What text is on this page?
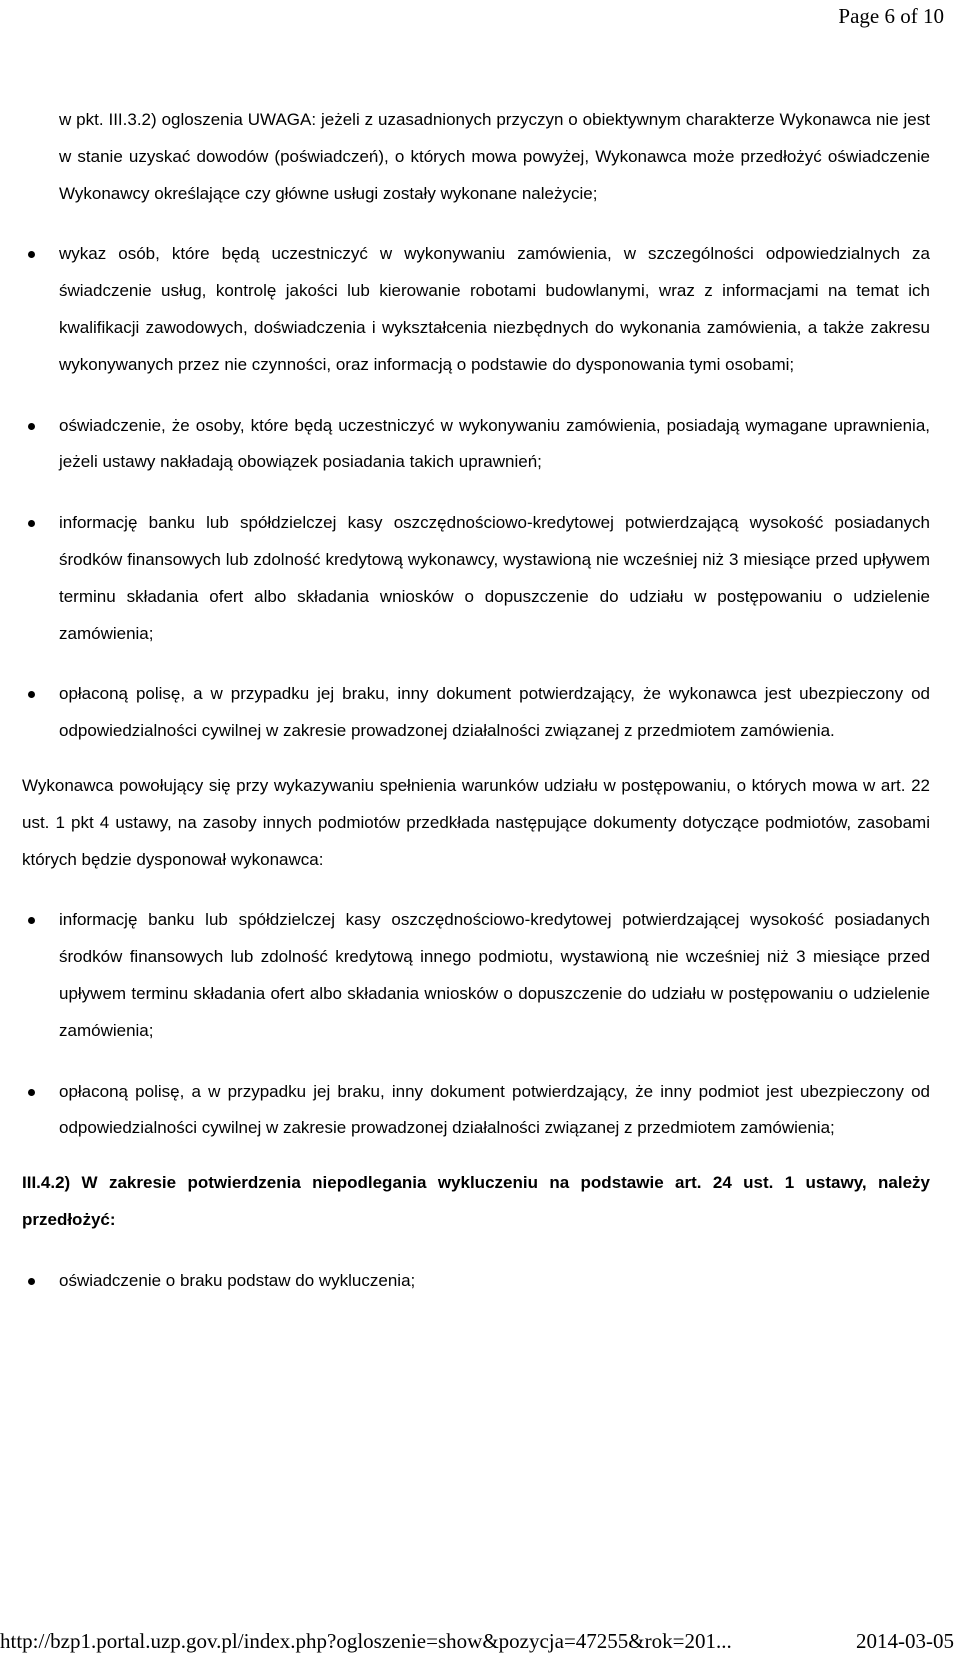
Page 6 of 10

w pkt. III.3.2) ogloszenia UWAGA: jeżeli z uzasadnionych przyczyn o obiektywnym charakterze Wykonawca nie jest w stanie uzyskać dowodów (poświadczeń), o których mowa powyżej, Wykonawca może przedłożyć oświadczenie Wykonawcy określające czy główne usługi zostały wykonane należycie;

wykaz osób, które będą uczestniczyć w wykonywaniu zamówienia, w szczególności odpowiedzialnych za świadczenie usług, kontrolę jakości lub kierowanie robotami budowlanymi, wraz z informacjami na temat ich kwalifikacji zawodowych, doświadczenia i wykształcenia niezbędnych do wykonania zamówienia, a także zakresu wykonywanych przez nie czynności, oraz informacją o podstawie do dysponowania tymi osobami;
oświadczenie, że osoby, które będą uczestniczyć w wykonywaniu zamówienia, posiadają wymagane uprawnienia, jeżeli ustawy nakładają obowiązek posiadania takich uprawnień;
informację banku lub spółdzielczej kasy oszczędnościowo-kredytowej potwierdzającą wysokość posiadanych środków finansowych lub zdolność kredytową wykonawcy, wystawioną nie wcześniej niż 3 miesiące przed upływem terminu składania ofert albo składania wniosków o dopuszczenie do udziału w postępowaniu o udzielenie zamówienia;
opłaconą polisę, a w przypadku jej braku, inny dokument potwierdzający, że wykonawca jest ubezpieczony od odpowiedzialności cywilnej w zakresie prowadzonej działalności związanej z przedmiotem zamówienia.

Wykonawca powołujący się przy wykazywaniu spełnienia warunków udziału w postępowaniu, o których mowa w art. 22 ust. 1 pkt 4 ustawy, na zasoby innych podmiotów przedkłada następujące dokumenty dotyczące podmiotów, zasobami których będzie dysponował wykonawca:

informację banku lub spółdzielczej kasy oszczędnościowo-kredytowej potwierdzającej wysokość posiadanych środków finansowych lub zdolność kredytową innego podmiotu, wystawioną nie wcześniej niż 3 miesiące przed upływem terminu składania ofert albo składania wniosków o dopuszczenie do udziału w postępowaniu o udzielenie zamówienia;
opłaconą polisę, a w przypadku jej braku, inny dokument potwierdzający, że inny podmiot jest ubezpieczony od odpowiedzialności cywilnej w zakresie prowadzonej działalności związanej z przedmiotem zamówienia;

III.4.2) W zakresie potwierdzenia niepodlegania wykluczeniu na podstawie art. 24 ust. 1 ustawy, należy przedłożyć:

oświadczenie o braku podstaw do wykluczenia;
http://bzp1.portal.uzp.gov.pl/index.php?ogloszenie=show&pozycja=47255&rok=201...	2014-03-05
